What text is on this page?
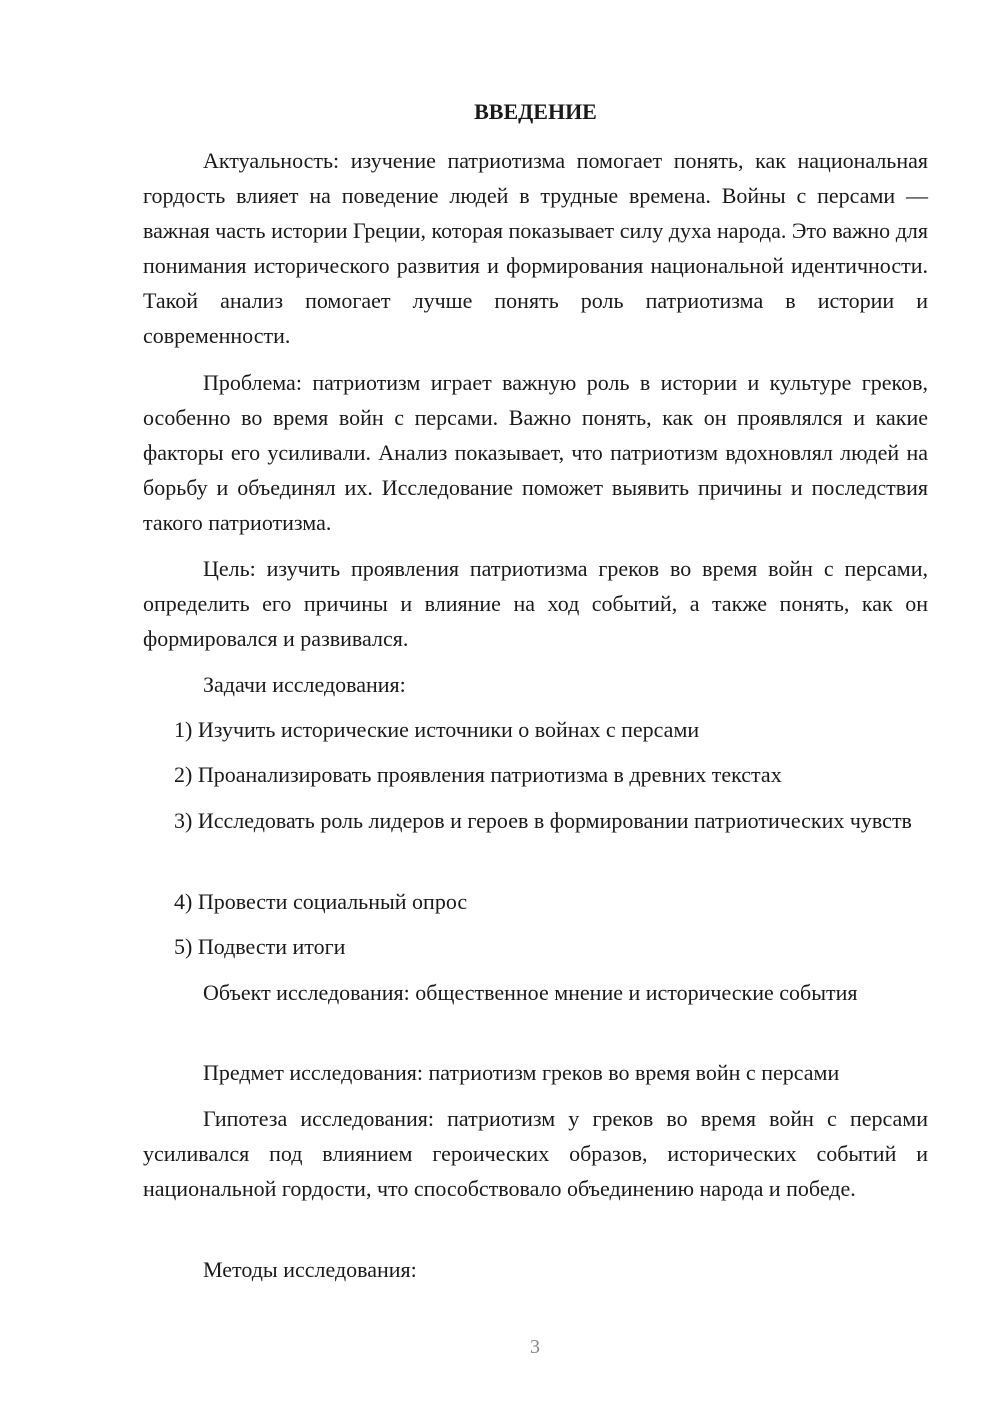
ВВЕДЕНИЕ

Актуальность: изучение патриотизма помогает понять, как национальная гордость влияет на поведение людей в трудные времена. Войны с персами — важная часть истории Греции, которая показывает силу духа народа. Это важно для понимания исторического развития и формирования национальной идентичности. Такой анализ помогает лучше понять роль патриотизма в истории и современности.

Проблема: патриотизм играет важную роль в истории и культуре греков, особенно во время войн с персами. Важно понять, как он проявлялся и какие факторы его усиливали. Анализ показывает, что патриотизм вдохновлял людей на борьбу и объединял их. Исследование поможет выявить причины и последствия такого патриотизма.

Цель: изучить проявления патриотизма греков во время войн с персами, определить его причины и влияние на ход событий, а также понять, как он формировался и развивался.

Задачи исследования:

1) Изучить исторические источники о войнах с персами

2) Проанализировать проявления патриотизма в древних текстах

3) Исследовать роль лидеров и героев в формировании патриотических чувств

4) Провести социальный опрос

5) Подвести итоги

Объект исследования: общественное мнение и исторические события

Предмет исследования: патриотизм греков во время войн с персами

Гипотеза исследования: патриотизм у греков во время войн с персами усиливался под влиянием героических образов, исторических событий и национальной гордости, что способствовало объединению народа и победе.

Методы исследования:

3
